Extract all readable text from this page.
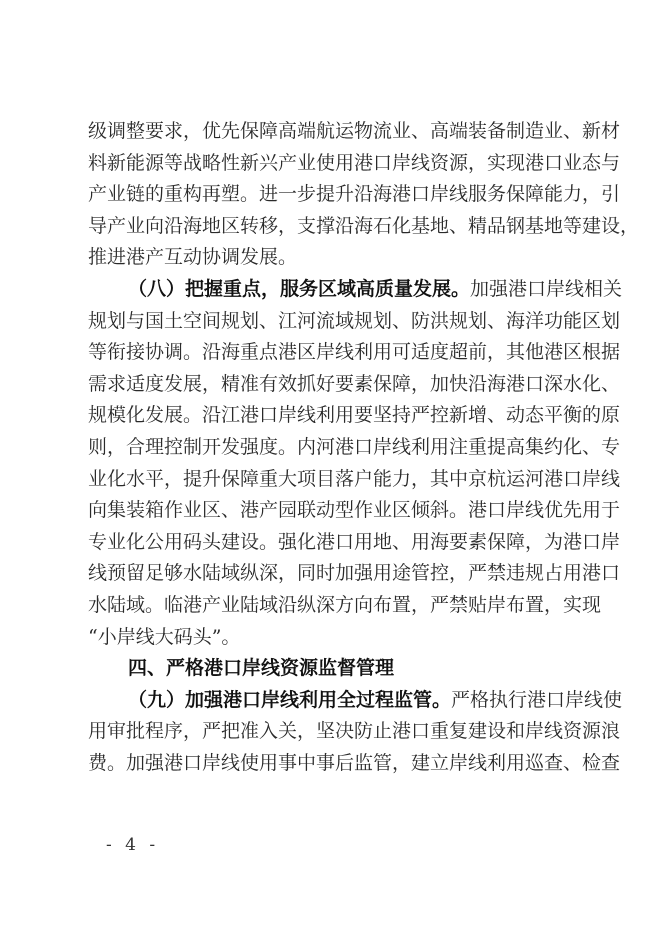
级调整要求，优先保障高端航运物流业、高端装备制造业、新材
料新能源等战略性新兴产业使用港口岸线资源，实现港口业态与
产业链的重构再塑。进一步提升沿海港口岸线服务保障能力，引
导产业向沿海地区转移，支撑沿海石化基地、精品钢基地等建设，
推进港产互动协调发展。
（八）把握重点，服务区域高质量发展。加强港口岸线相关
规划与国土空间规划、江河流域规划、防洪规划、海洋功能区划
等衔接协调。沿海重点港区岸线利用可适度超前，其他港区根据
需求适度发展，精准有效抓好要素保障，加快沿海港口深水化、
规模化发展。沿江港口岸线利用要坚持严控新增、动态平衡的原
则，合理控制开发强度。内河港口岸线利用注重提高集约化、专
业化水平，提升保障重大项目落户能力，其中京杭运河港口岸线
向集装箱作业区、港产园联动型作业区倾斜。港口岸线优先用于
专业化公用码头建设。强化港口用地、用海要素保障，为港口岸
线预留足够水陆域纵深，同时加强用途管控，严禁违规占用港口
水陆域。临港产业陆域沿纵深方向布置，严禁贴岸布置，实现
“小岸线大码头”。
四、严格港口岸线资源监督管理
（九）加强港口岸线利用全过程监管。严格执行港口岸线使
用审批程序，严把准入关，坚决防止港口重复建设和岸线资源浪
费。加强港口岸线使用事中事后监管，建立岸线利用巡查、检查
- 4 -
